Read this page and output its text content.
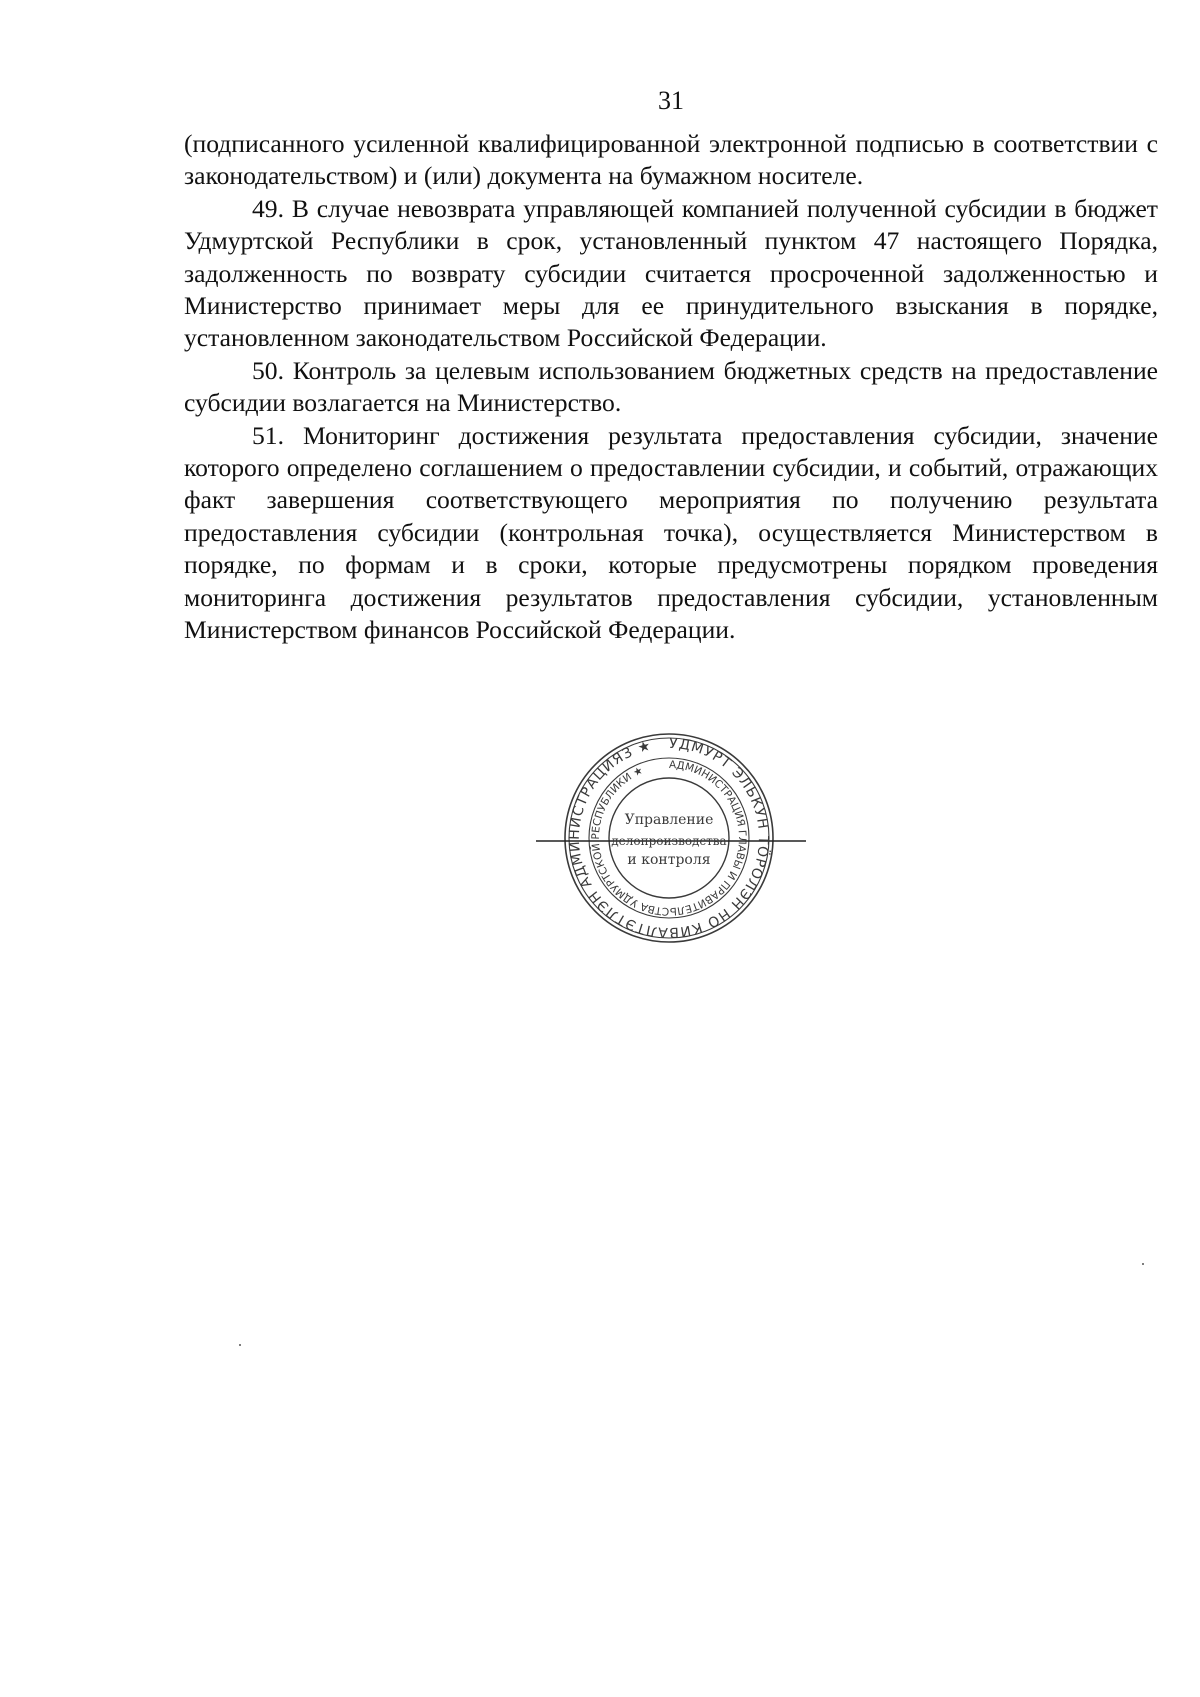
31

(подписанного усиленной квалифицированной электронной подписью в соответствии с законодательством) и (или) документа на бумажном носителе.

49. В случае невозврата управляющей компанией полученной субсидии в бюджет Удмуртской Республики в срок, установленный пунктом 47 настоящего Порядка, задолженность по возврату субсидии считается просроченной задолженностью и Министерство принимает меры для ее принудительного взыскания в порядке, установленном законодательством Российской Федерации.

50. Контроль за целевым использованием бюджетных средств на предоставление субсидии возлагается на Министерство.

51. Мониторинг достижения результата предоставления субсидии, значение которого определено соглашением о предоставлении субсидии, и событий, отражающих факт завершения соответствующего мероприятия по получению результата предоставления субсидии (контрольная точка), осуществляется Министерством в порядке, по формам и в сроки, которые предусмотрены порядком проведения мониторинга достижения результатов предоставления субсидии, установленным Министерством финансов Российской Федерации.

УДМУРТ ЭЛЬКУН ТӦРОЛЭН НО КИВАЛТЭТЛЭН АДМИНИСТРАЦИЯЗ ★
АДМИНИСТРАЦИЯ ГЛАВЫ И ПРАВИТЕЛЬСТВА УДМУРТСКОЙ РЕСПУБЛИКИ ★
Управление
делопроизводства
и контроля
